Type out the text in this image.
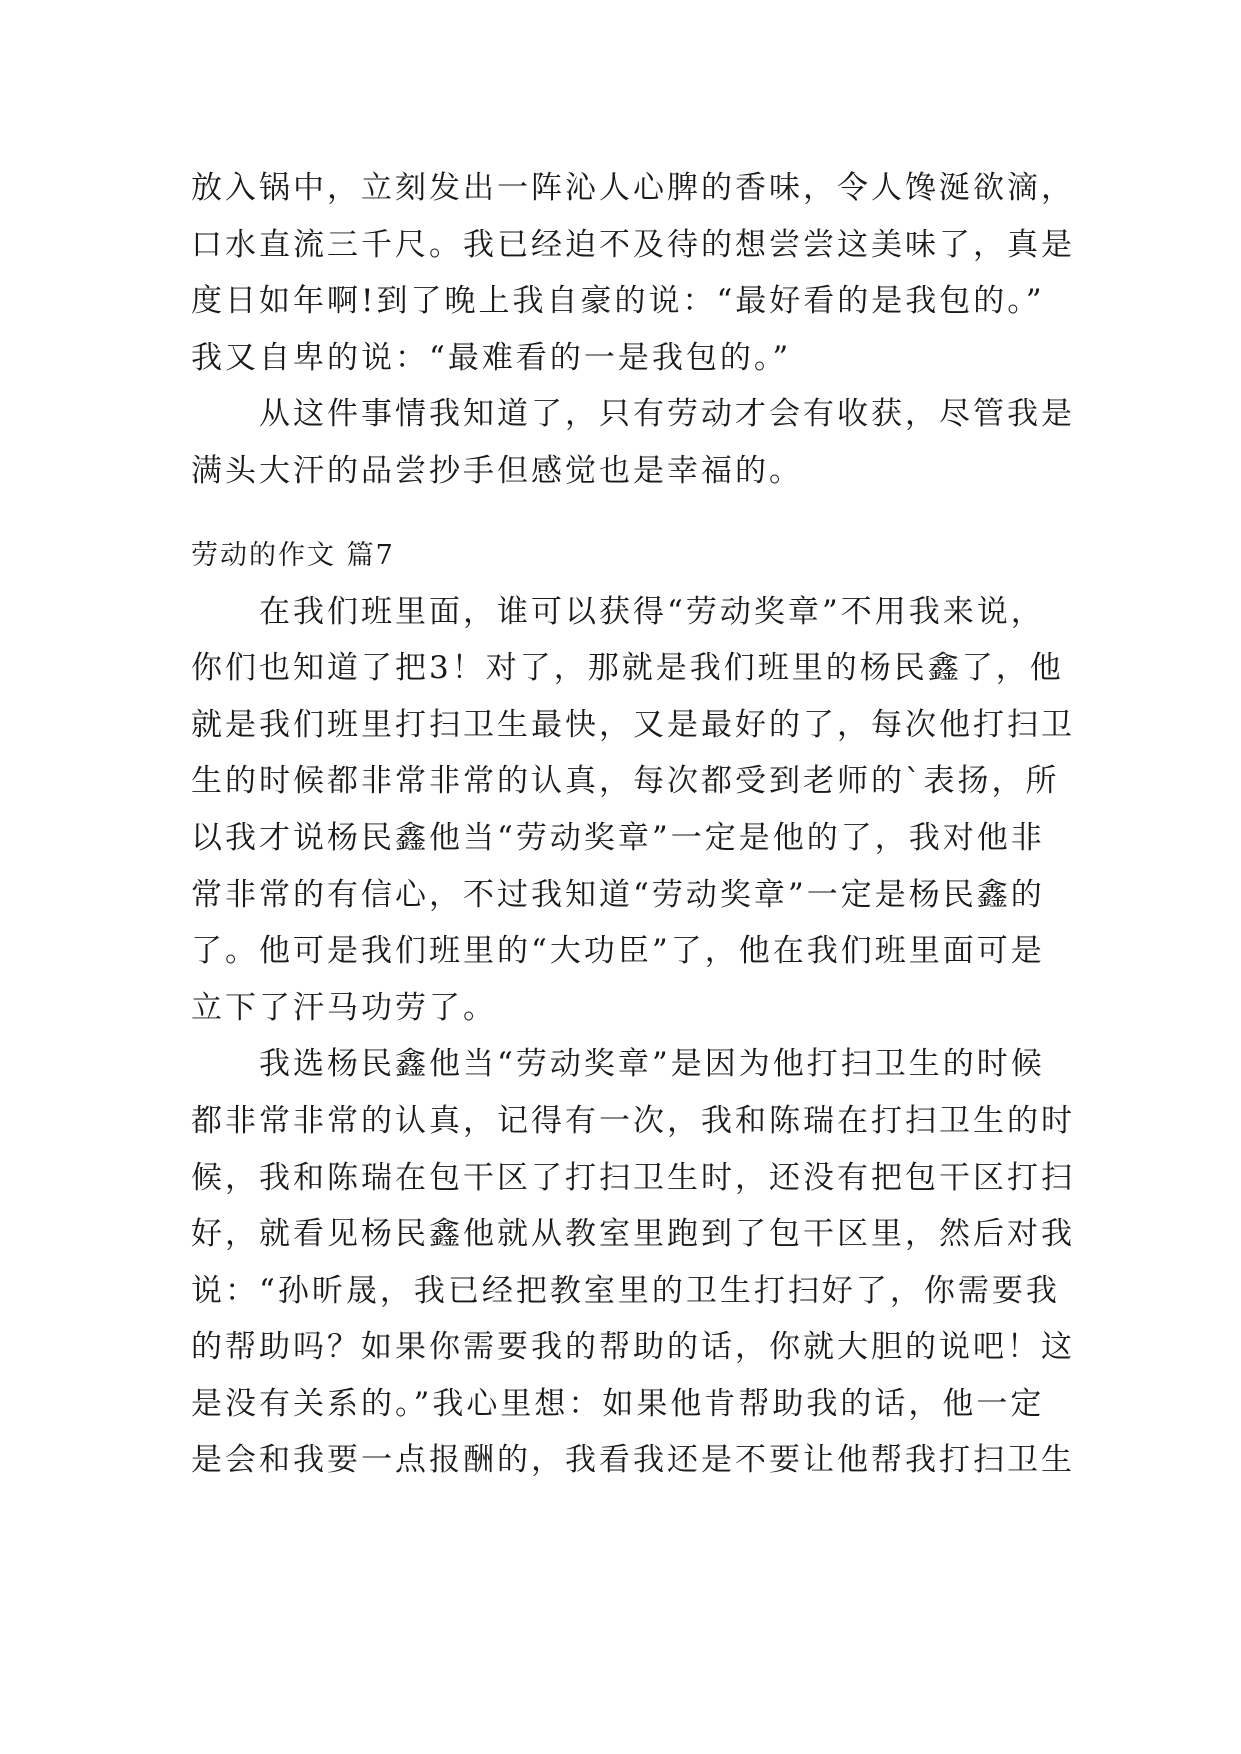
放入锅中，立刻发出一阵沁人心脾的香味，令人馋涎欲滴，
口水直流三千尺。我已经迫不及待的想尝尝这美味了，真是
度日如年啊!到了晚上我自豪的说：“最好看的是我包的。”
我又自卑的说：“最难看的一是我包的。”
从这件事情我知道了，只有劳动才会有收获，尽管我是
满头大汗的品尝抄手但感觉也是幸福的。
劳动的作文 篇7
在我们班里面，谁可以获得“劳动奖章”不用我来说，
你们也知道了把3！对了，那就是我们班里的杨民鑫了，他
就是我们班里打扫卫生最快，又是最好的了，每次他打扫卫
生的时候都非常非常的认真，每次都受到老师的`表扬，所
以我才说杨民鑫他当“劳动奖章”一定是他的了，我对他非
常非常的有信心，不过我知道“劳动奖章”一定是杨民鑫的
了。他可是我们班里的“大功臣”了，他在我们班里面可是
立下了汗马功劳了。
我选杨民鑫他当“劳动奖章”是因为他打扫卫生的时候
都非常非常的认真，记得有一次，我和陈瑞在打扫卫生的时
候，我和陈瑞在包干区了打扫卫生时，还没有把包干区打扫
好，就看见杨民鑫他就从教室里跑到了包干区里，然后对我
说：“孙昕晟，我已经把教室里的卫生打扫好了，你需要我
的帮助吗？如果你需要我的帮助的话，你就大胆的说吧！这
是没有关系的。”我心里想：如果他肯帮助我的话，他一定
是会和我要一点报酬的，我看我还是不要让他帮我打扫卫生
